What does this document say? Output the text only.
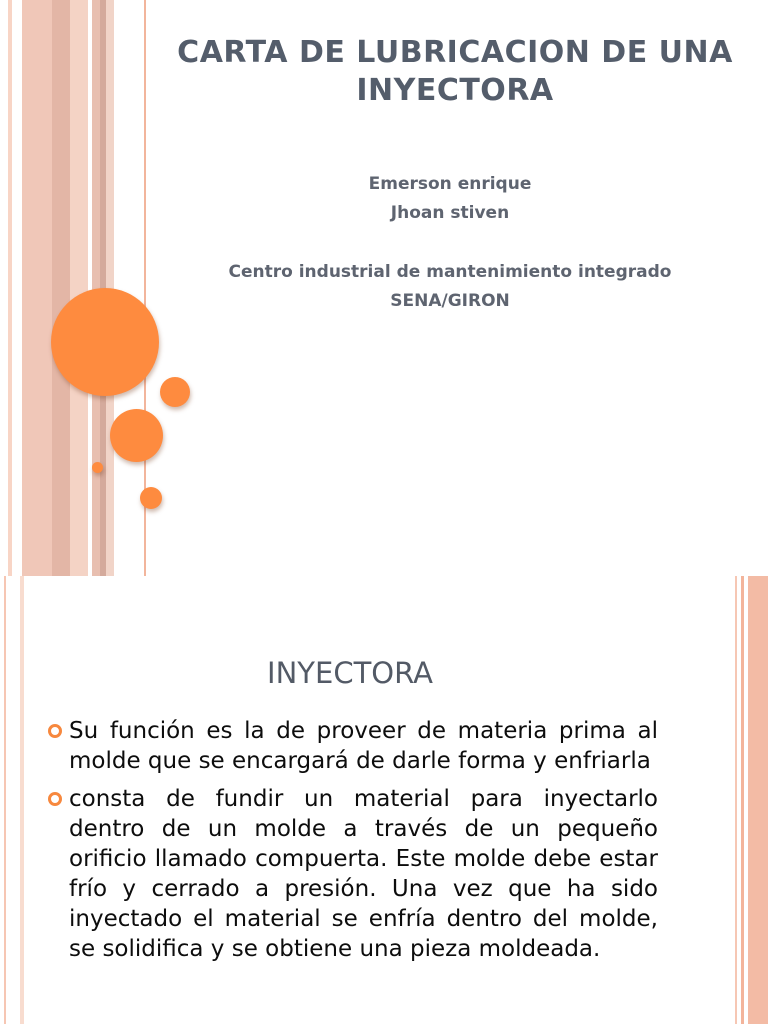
CARTA DE LUBRICACION DE UNA INYECTORA

Emerson enrique

Jhoan stiven

Centro industrial de mantenimiento integrado

SENA/GIRON

INYECTORA
Su función es la de proveer de materia prima al molde que se encargará de darle forma y enfriarla
consta de fundir un material para inyectarlo dentro de un molde a través de un pequeño orificio llamado compuerta. Este molde debe estar frío y cerrado a presión. Una vez que ha sido inyectado el material se enfría dentro del molde, se solidifica y se obtiene una pieza moldeada.
